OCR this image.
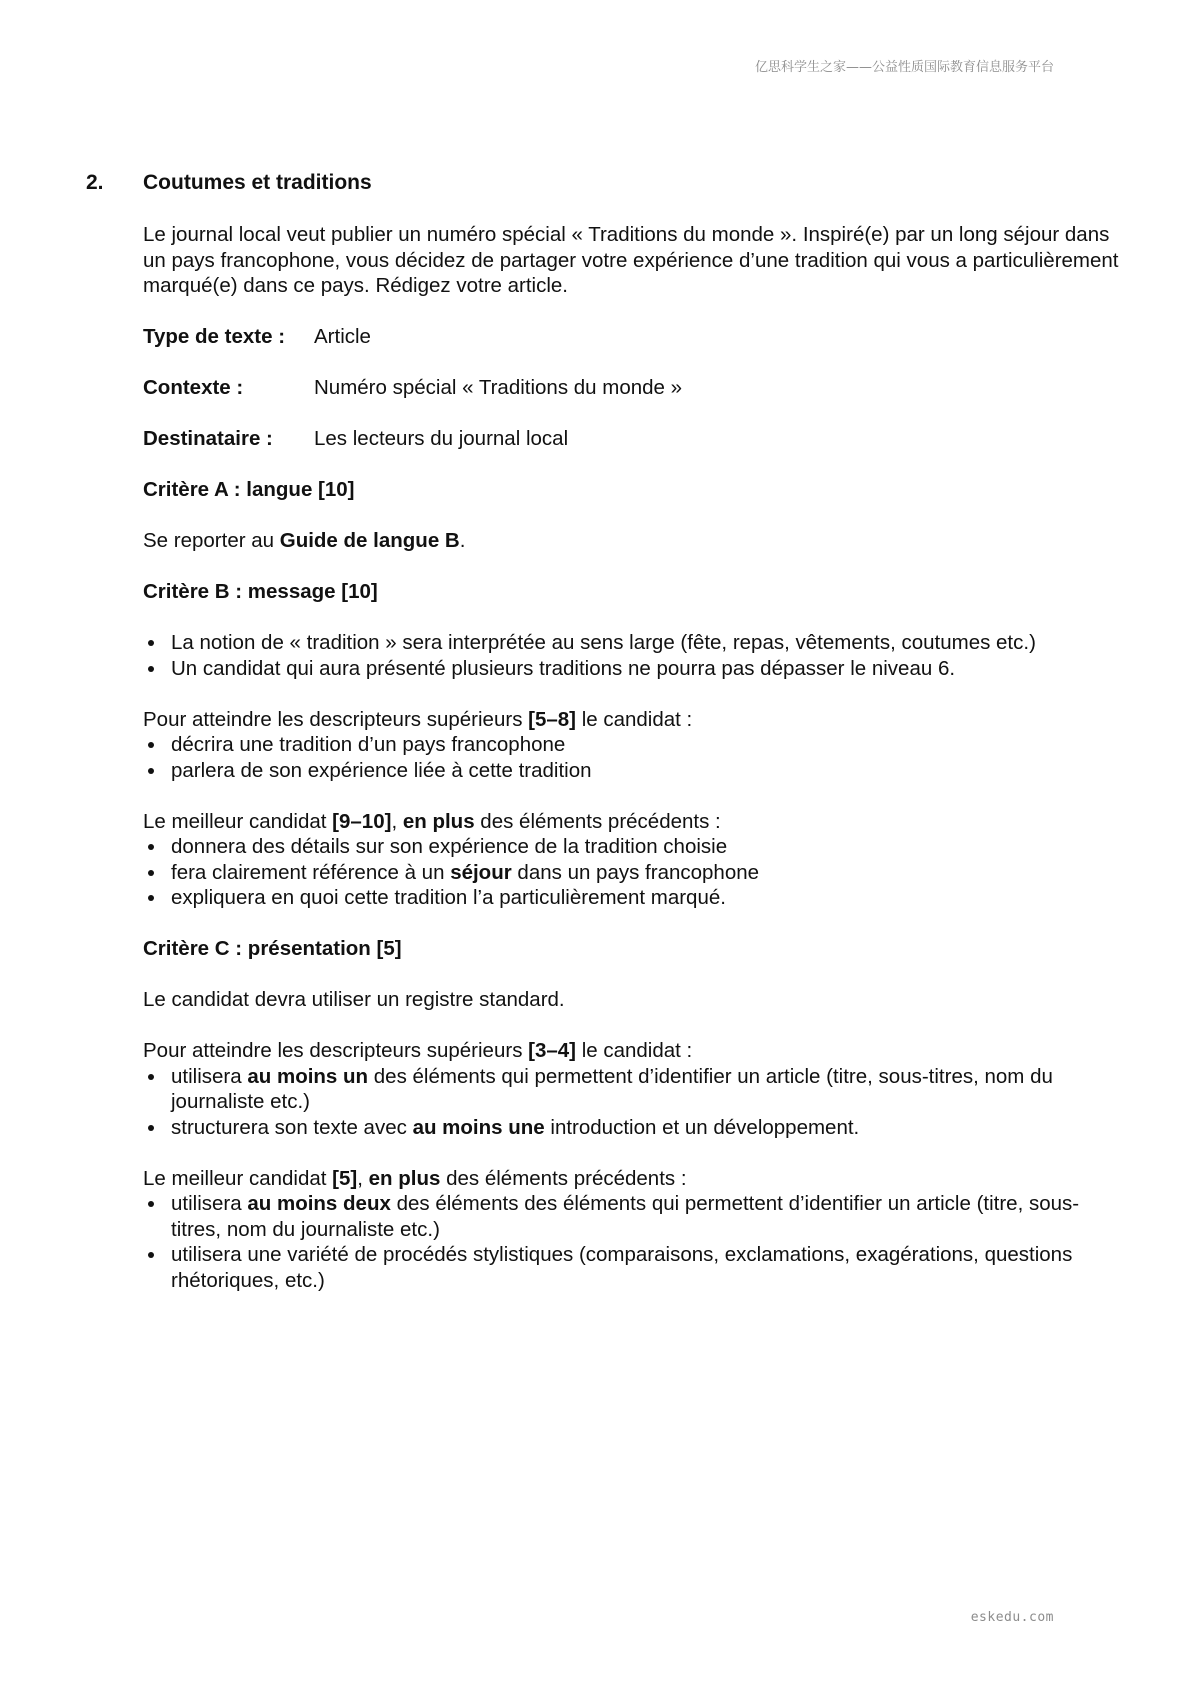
亿思科学生之家——公益性质国际教育信息服务平台
2. Coutumes et traditions

Le journal local veut publier un numéro spécial « Traditions du monde ». Inspiré(e) par un long séjour dans un pays francophone, vous décidez de partager votre expérience d’une tradition qui vous a particulièrement marqué(e) dans ce pays. Rédigez votre article.

Type de texte :	Article
Contexte :	Numéro spécial « Traditions du monde »
Destinataire :	Les lecteurs du journal local

Critère A : langue [10]

Se reporter au Guide de langue B.

Critère B : message [10]

La notion de « tradition » sera interprétée au sens large (fête, repas, vêtements, coutumes etc.)
Un candidat qui aura présenté plusieurs traditions ne pourra pas dépasser le niveau 6.

Pour atteindre les descripteurs supérieurs [5–8] le candidat :

décrira une tradition d’un pays francophone
parlera de son expérience liée à cette tradition

Le meilleur candidat [9–10], en plus des éléments précédents :

donnera des détails sur son expérience de la tradition choisie
fera clairement référence à un séjour dans un pays francophone
expliquera en quoi cette tradition l’a particulièrement marqué.

Critère C : présentation [5]

Le candidat devra utiliser un registre standard.

Pour atteindre les descripteurs supérieurs [3–4] le candidat :

utilisera au moins un des éléments qui permettent d’identifier un article (titre, sous-titres, nom du journaliste etc.)
structurera son texte avec au moins une introduction et un développement.

Le meilleur candidat [5], en plus des éléments précédents :

utilisera au moins deux des éléments des éléments qui permettent d’identifier un article (titre, sous-titres, nom du journaliste etc.)
utilisera une variété de procédés stylistiques (comparaisons, exclamations, exagérations, questions rhétoriques, etc.)
eskedu.com
